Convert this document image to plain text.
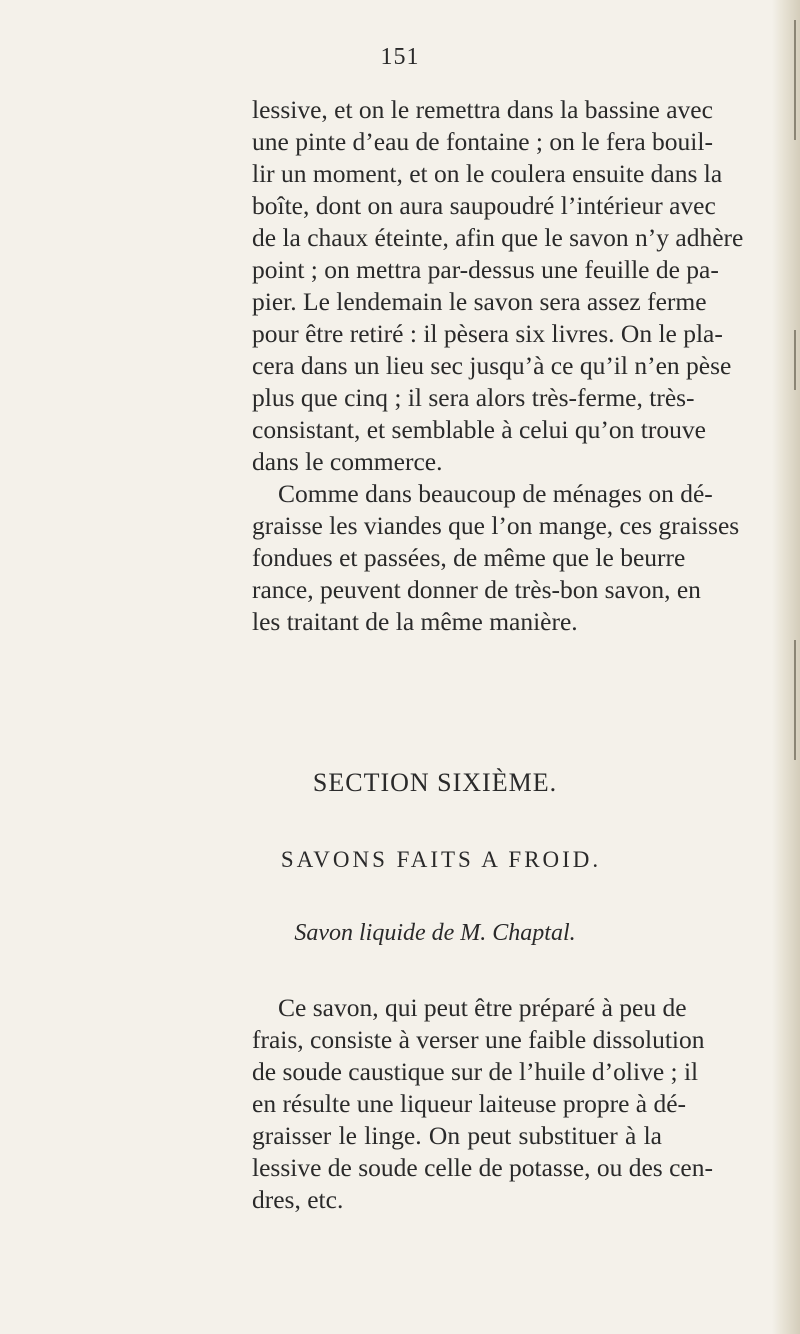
151
lessive, et on le remettra dans la bassine avec
une pinte d’eau de fontaine ; on le fera bouil-
lir un moment, et on le coulera ensuite dans la
boîte, dont on aura saupoudré l’intérieur avec
de la chaux éteinte, afin que le savon n’y adhère
point ; on mettra par-dessus une feuille de pa-
pier. Le lendemain le savon sera assez ferme
pour être retiré : il pèsera six livres. On le pla-
cera dans un lieu sec jusqu’à ce qu’il n’en pèse
plus que cinq ; il sera alors très-ferme, très-
consistant, et semblable à celui qu’on trouve
dans le commerce.
Comme dans beaucoup de ménages on dé-
graisse les viandes que l’on mange, ces graisses
fondues et passées, de même que le beurre
rance, peuvent donner de très-bon savon, en
les traitant de la même manière.
SECTION SIXIÈME.
SAVONS FAITS A FROID.
Savon liquide de M. Chaptal.
Ce savon, qui peut être préparé à peu de
frais, consiste à verser une faible dissolution
de soude caustique sur de l’huile d’olive ; il
en résulte une liqueur laiteuse propre à dé-
graisser le linge. On peut substituer à la
lessive de soude celle de potasse, ou des cen-
dres, etc.
